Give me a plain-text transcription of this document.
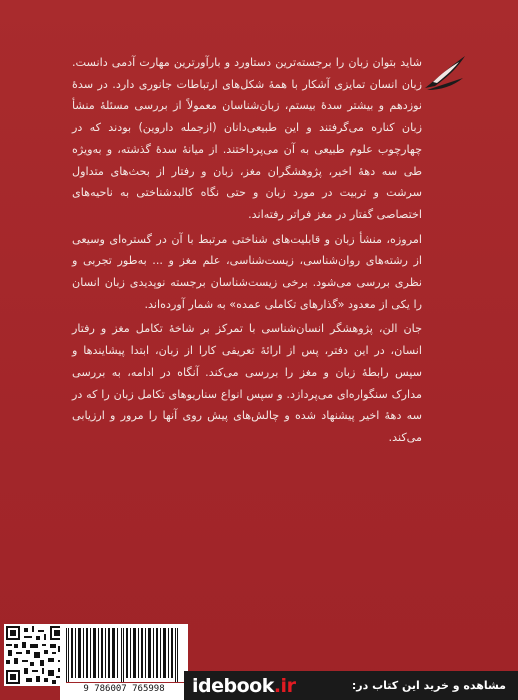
شاید بتوان زبان را برجسته‌ترین دستاورد و بارآورترین مهارت آدمی دانست. زبان انسان تمایزی آشکار با همهٔ شکل‌های ارتباطات جانوری دارد. در سدهٔ نوزدهم و بیشتر سدهٔ بیستم، زبان‌شناسان معمولاً از بررسی مسئلهٔ منشأ زبان کناره می‌گرفتند و این طبیعی‌دانان (ازجمله داروین) بودند که در چهارچوب علوم طبیعی به آن می‌پرداختند. از میانهٔ سدهٔ گذشته، و به‌ویژه طی سه دههٔ اخیر، پژوهشگران مغز، زبان و رفتار از بحث‌های متداول سرشت و تربیت در مورد زبان و حتی نگاه کالبدشناختی به ناحیه‌های اختصاصی گفتار در مغز فراتر رفته‌اند.

امروزه، منشأ زبان و قابلیت‌های شناختی مرتبط با آن در گستره‌ای وسیعی از رشته‌های روان‌شناسی، زیست‌شناسی، علم مغز و ... به‌طور تجربی و نظری بررسی می‌شود. برخی زیست‌شناسان برجسته نوپدیدی زبان انسان را یکی از معدود «گذارهای تکاملی عمده» به شمار آورده‌اند.

جان الن، پژوهشگر انسان‌شناسی با تمرکز بر شاخهٔ تکامل مغز و رفتار انسان، در این دفتر، پس از ارائهٔ تعریفی کارا از زبان، ابتدا پیشایندها و سپس رابطهٔ زبان و مغز را بررسی می‌کند. آنگاه در ادامه، به بررسی مدارک سنگواره‌ای می‌پردازد. و سپس انواع سناریوهای تکامل زبان را که در سه دههٔ اخیر پیشنهاد شده و چالش‌های پیش روی آنها را مرور و ارزیابی می‌کند.

9 786007 765998	idebook.ir	مشاهده و خرید این کتاب در:
